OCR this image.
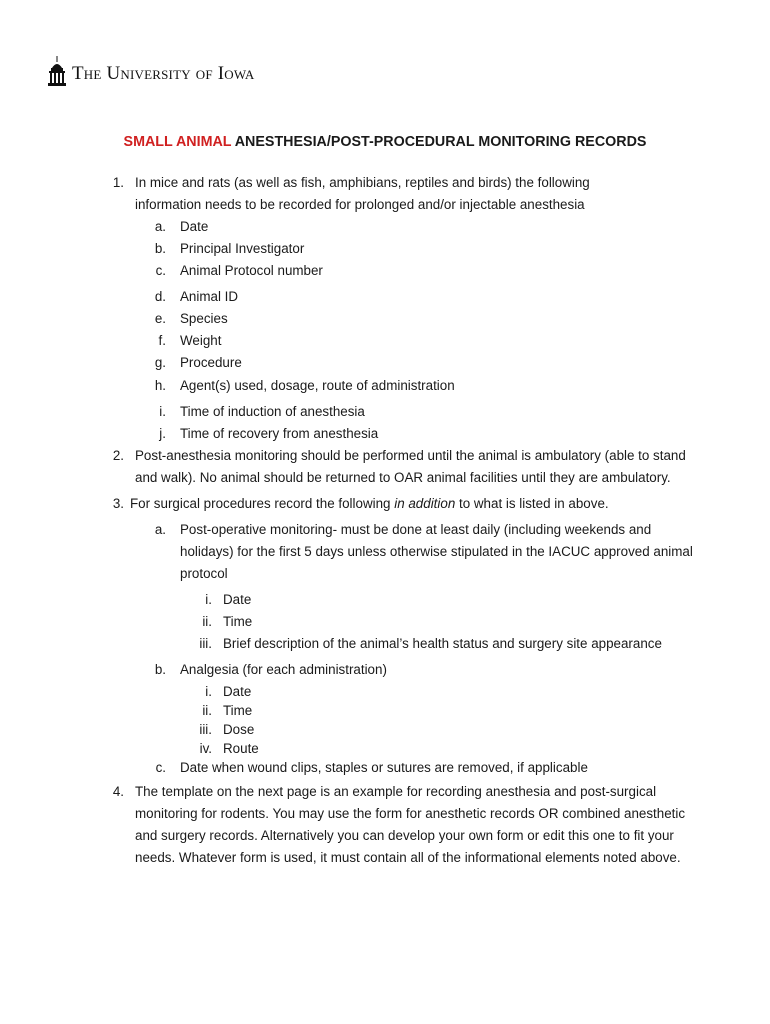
The University of Iowa
SMALL ANIMAL ANESTHESIA/POST-PROCEDURAL MONITORING RECORDS
1. In mice and rats (as well as fish, amphibians, reptiles and birds) the following
information needs to be recorded for prolonged and/or injectable anesthesia
a. Date
b. Principal Investigator
c. Animal Protocol number
d. Animal ID
e. Species
f. Weight
g. Procedure
h. Agent(s) used, dosage, route of administration
i. Time of induction of anesthesia
j. Time of recovery from anesthesia
2. Post-anesthesia monitoring should be performed until the animal is ambulatory (able to stand
and walk). No animal should be returned to OAR animal facilities until they are ambulatory.
3. For surgical procedures record the following in addition to what is listed in above.
a. Post-operative monitoring- must be done at least daily (including weekends and
holidays) for the first 5 days unless otherwise stipulated in the IACUC approved animal
protocol
i. Date
ii. Time
iii. Brief description of the animal’s health status and surgery site appearance
b. Analgesia (for each administration)
i. Date
ii. Time
iii. Dose
iv. Route
c. Date when wound clips, staples or sutures are removed, if applicable
4. The template on the next page is an example for recording anesthesia and post-surgical
monitoring for rodents. You may use the form for anesthetic records OR combined anesthetic
and surgery records. Alternatively you can develop your own form or edit this one to fit your
needs. Whatever form is used, it must contain all of the informational elements noted above.
